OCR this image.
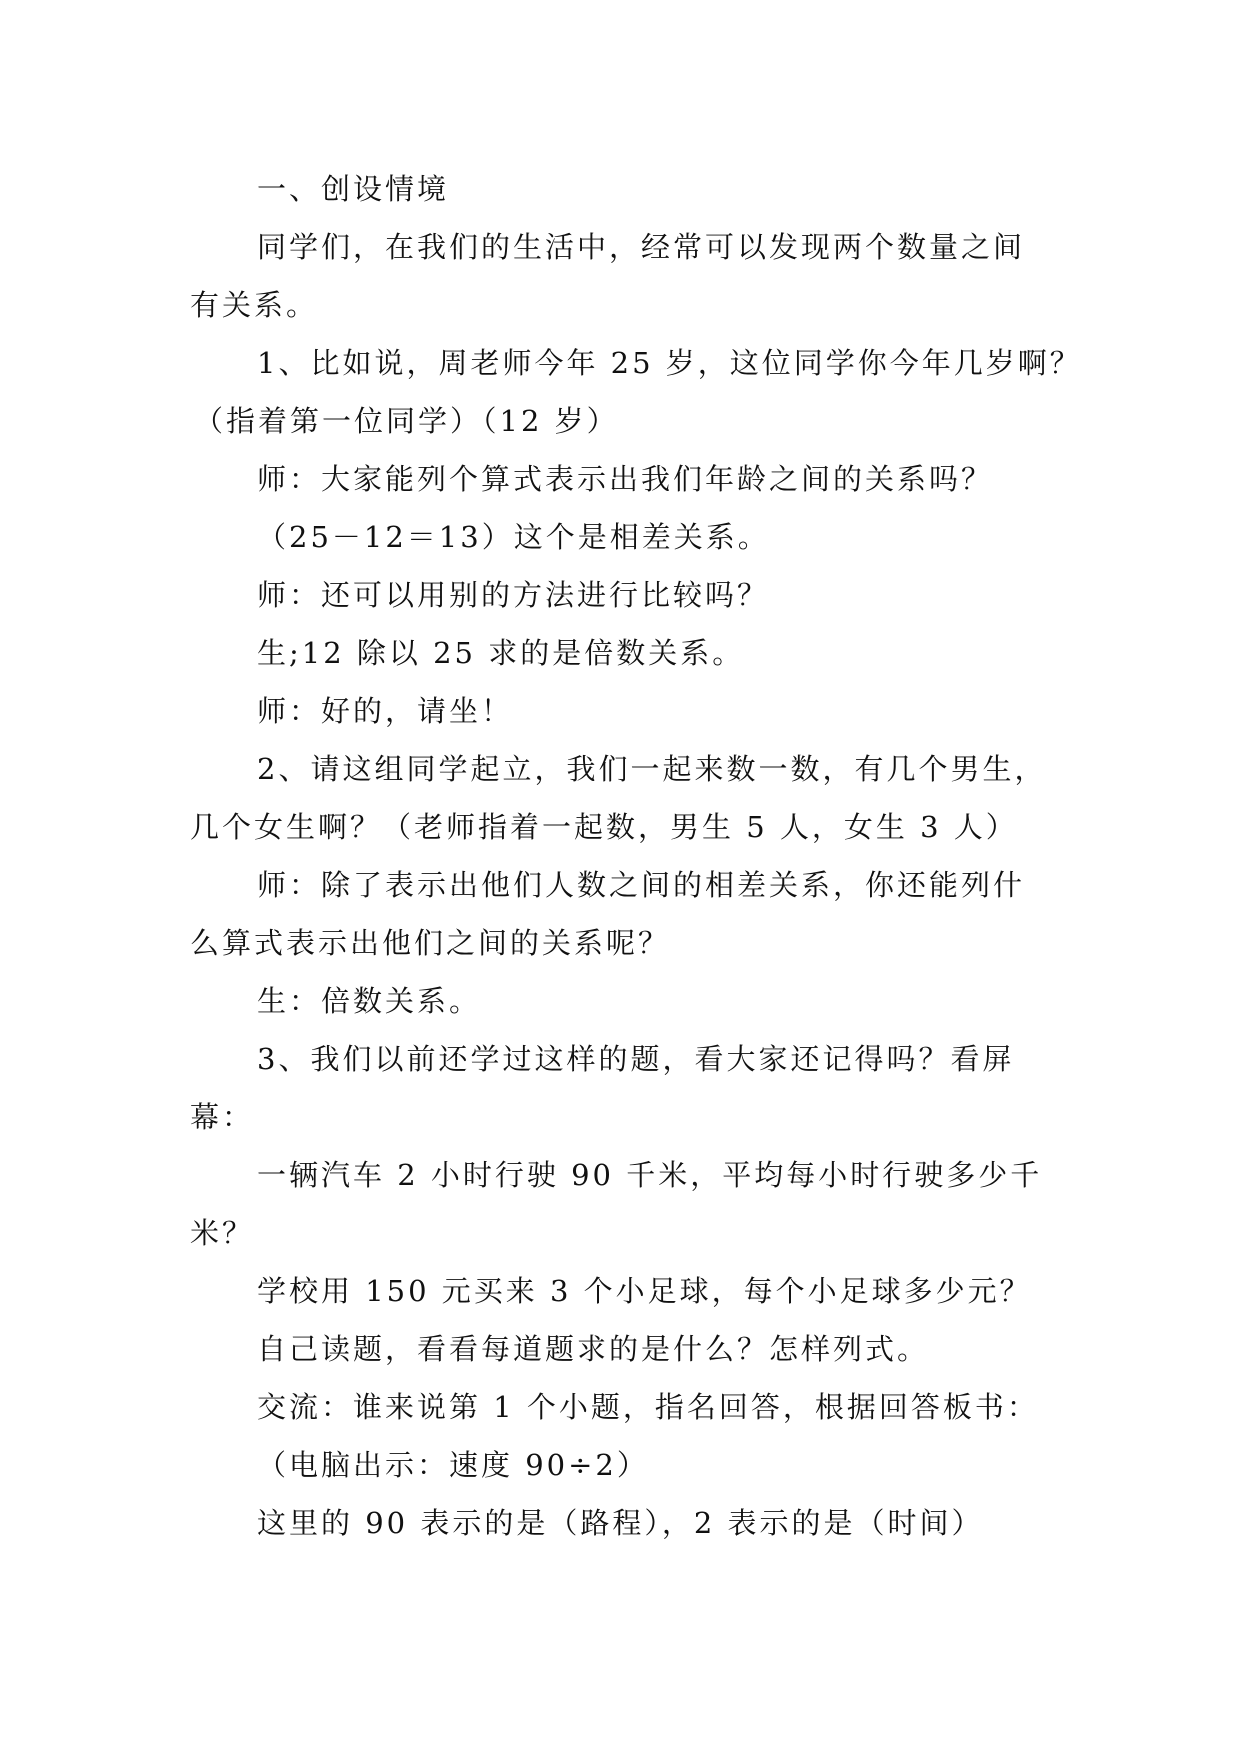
一、创设情境
同学们，在我们的生活中，经常可以发现两个数量之间
有关系。
1、比如说，周老师今年 25 岁，这位同学你今年几岁啊？
（指着第一位同学）（12 岁）
师：大家能列个算式表示出我们年龄之间的关系吗？
（25－12＝13）这个是相差关系。
师：还可以用别的方法进行比较吗？
生;12 除以 25 求的是倍数关系。
师：好的，请坐！
2、请这组同学起立，我们一起来数一数，有几个男生，
几个女生啊？（老师指着一起数，男生 5 人，女生 3 人）
师：除了表示出他们人数之间的相差关系，你还能列什
么算式表示出他们之间的关系呢？
生：倍数关系。
3、我们以前还学过这样的题，看大家还记得吗？看屏
幕：
一辆汽车 2 小时行驶 90 千米，平均每小时行驶多少千
米？
学校用 150 元买来 3 个小足球，每个小足球多少元？
自己读题，看看每道题求的是什么？怎样列式。
交流：谁来说第 1 个小题，指名回答，根据回答板书：
（电脑出示：速度 90÷2）
这里的 90 表示的是（路程），2 表示的是（时间）
